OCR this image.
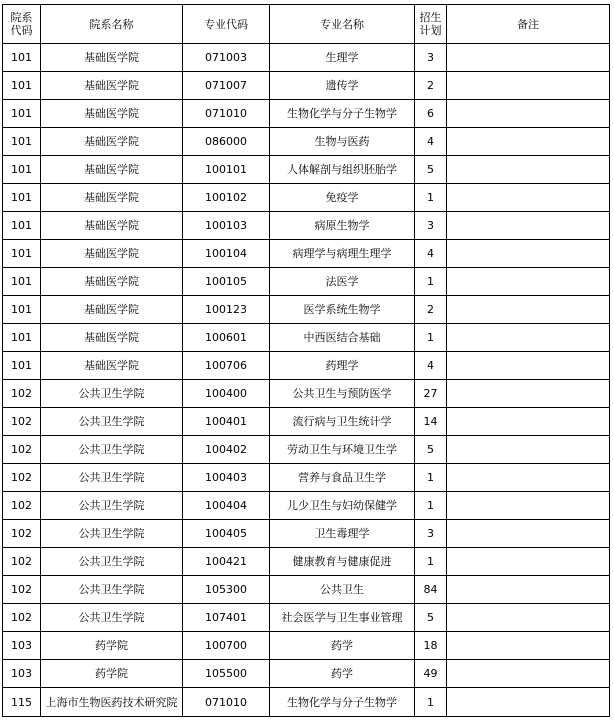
院系代码	院系名称	专业代码	专业名称	招生计划	备注
101	基础医学院	071003	生理学	3	
101	基础医学院	071007	遗传学	2	
101	基础医学院	071010	生物化学与分子生物学	6	
101	基础医学院	086000	生物与医药	4	
101	基础医学院	100101	人体解剖与组织胚胎学	5	
101	基础医学院	100102	免疫学	1	
101	基础医学院	100103	病原生物学	3	
101	基础医学院	100104	病理学与病理生理学	4	
101	基础医学院	100105	法医学	1	
101	基础医学院	100123	医学系统生物学	2	
101	基础医学院	100601	中西医结合基础	1	
101	基础医学院	100706	药理学	4	
102	公共卫生学院	100400	公共卫生与预防医学	27	
102	公共卫生学院	100401	流行病与卫生统计学	14	
102	公共卫生学院	100402	劳动卫生与环境卫生学	5	
102	公共卫生学院	100403	营养与食品卫生学	1	
102	公共卫生学院	100404	儿少卫生与妇幼保健学	1	
102	公共卫生学院	100405	卫生毒理学	3	
102	公共卫生学院	100421	健康教育与健康促进	1	
102	公共卫生学院	105300	公共卫生	84	
102	公共卫生学院	107401	社会医学与卫生事业管理	5	
103	药学院	100700	药学	18	
103	药学院	105500	药学	49	
115	上海市生物医药技术研究院	071010	生物化学与分子生物学	1	
